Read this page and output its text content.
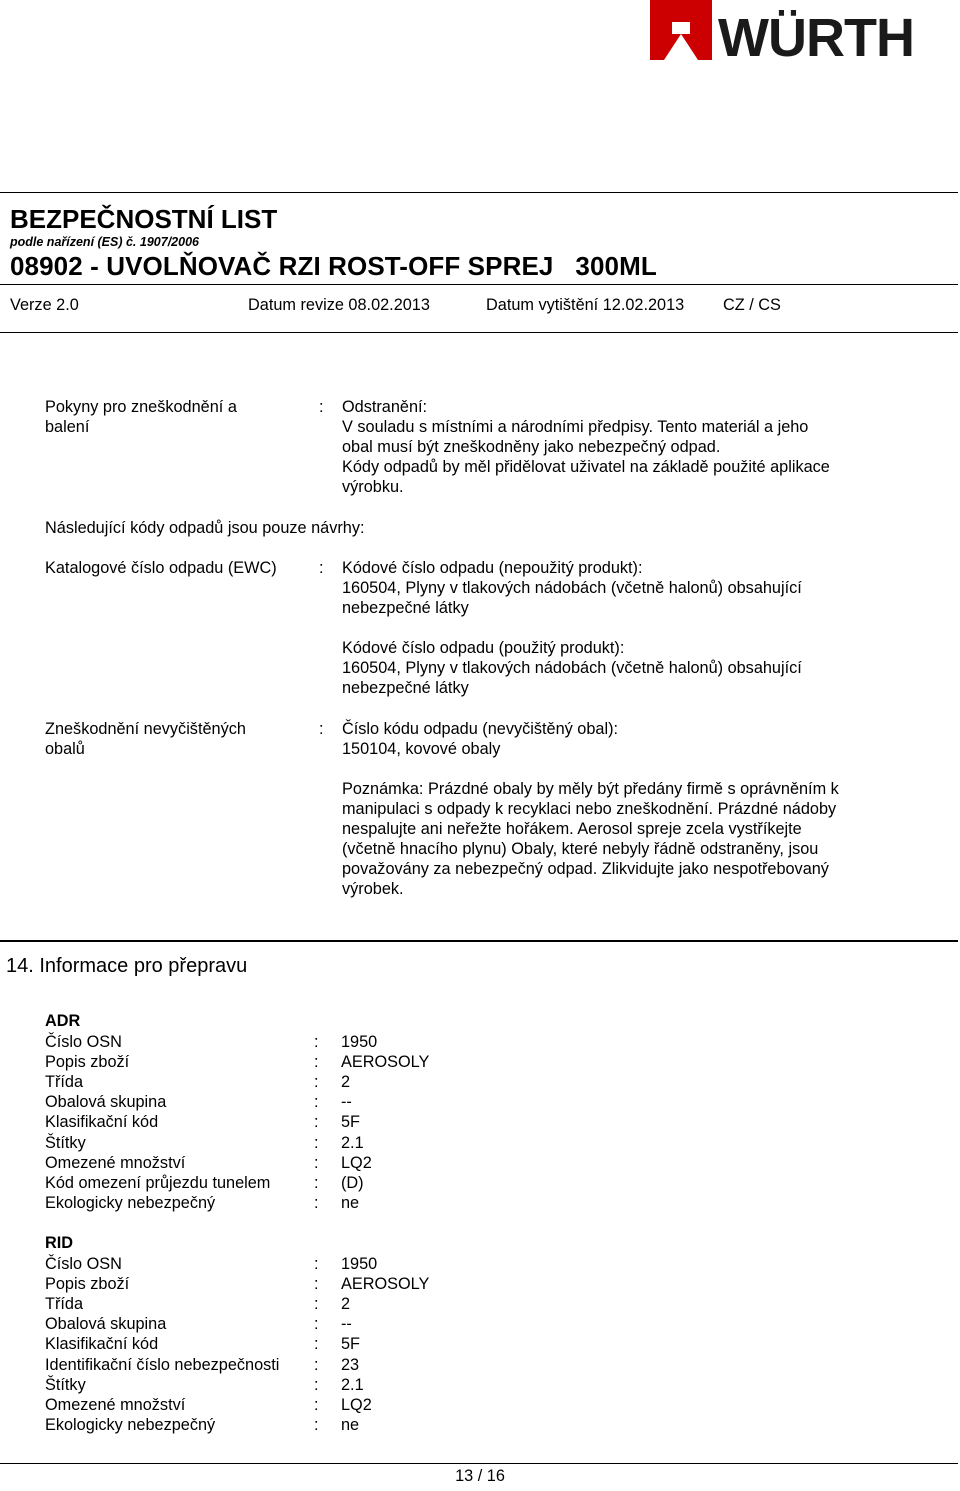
WÜRTH
BEZPEČNOSTNÍ LIST
podle nařízení (ES) č. 1907/2006
08902 - UVOLŇOVAČ RZI ROST-OFF SPREJ   300ML
Verze 2.0	Datum revize 08.02.2013	Datum vytištění 12.02.2013 CZ / CS
Pokyny pro zneškodnění a
balení
: Odstranění:
V souladu s místními a národními předpisy. Tento materiál a jeho
obal musí být zneškodněny jako nebezpečný odpad.
Kódy odpadů by měl přidělovat uživatel na základě použité aplikace
výrobku.
Následující kódy odpadů jsou pouze návrhy:
Katalogové číslo odpadu (EWC)	: Kódové číslo odpadu (nepoužitý produkt):
160504, Plyny v tlakových nádobách (včetně halonů) obsahující
nebezpečné látky
Kódové číslo odpadu (použitý produkt):
160504, Plyny v tlakových nádobách (včetně halonů) obsahující
nebezpečné látky
Zneškodnění nevyčištěných
obalů
: Číslo kódu odpadu (nevyčištěný obal):
150104, kovové obaly
Poznámka: Prázdné obaly by měly být předány firmě s oprávněním k
manipulaci s odpady k recyklaci nebo zneškodnění. Prázdné nádoby
nespalujte ani neřežte hořákem. Aerosol spreje zcela vystříkejte
(včetně hnacího plynu) Obaly, které nebyly řádně odstraněny, jsou
považovány za nebezpečný odpad. Zlikvidujte jako nespotřebovaný
výrobek.
14. Informace pro přepravu
ADR
Číslo OSN	: 1950
Popis zboží	: AEROSOLY
Třída	: 2
Obalová skupina	: --
Klasifikační kód	: 5F
Štítky	: 2.1
Omezené množství	: LQ2
Kód omezení průjezdu tunelem	: (D)
Ekologicky nebezpečný	: ne
RID
Číslo OSN	: 1950
Popis zboží	: AEROSOLY
Třída	: 2
Obalová skupina	: --
Klasifikační kód	: 5F
Identifikační číslo nebezpečnosti : 23
Štítky	: 2.1
Omezené množství	: LQ2
Ekologicky nebezpečný	: ne
13 / 16
